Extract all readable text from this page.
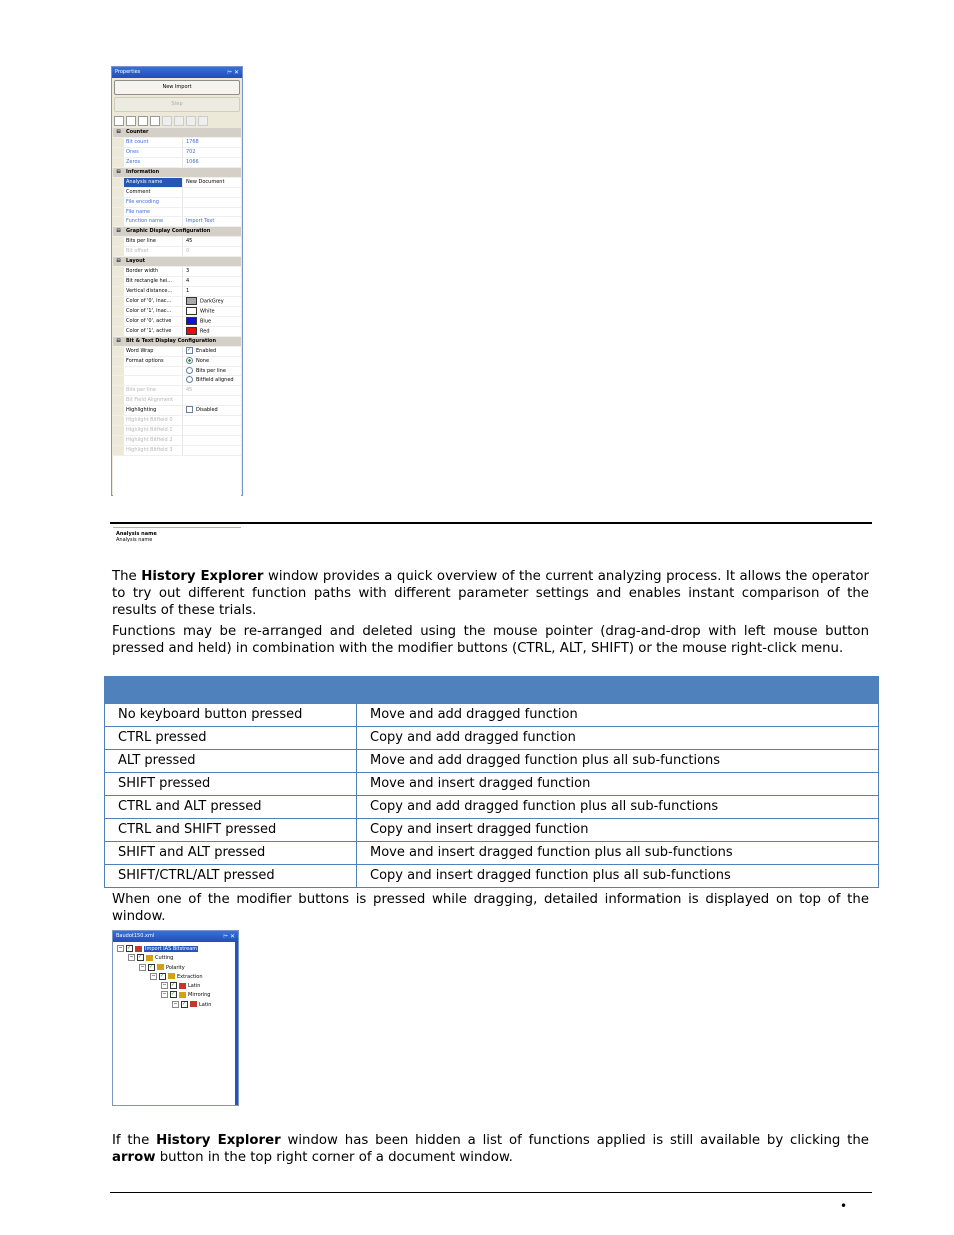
Properties	⌲ ✕
New Import
Step
⊟	Counter
Bit count	1768
Ones	702
Zeros	1066
⊟	Information
Analysis name	New Document
Comment
File encoding
File name
Function name	Import Text
⊟	Graphic Display Configuration
Bits per line	45
Bit offset	0
⊟	Layout
Border width	3
Bit rectangle hei...	4
Vertical distance...	1
Color of '0', inac...	DarkGrey
Color of '1', inac...	White
Color of '0', active	Blue
Color of '1', active	Red
⊟	Bit & Text Display Configuration
Word Wrap	✓ Enabled
Format options	None
Bits per line
Bitfield aligned
Bits per line	45
Bit Field Alignment
Highlighting	Disabled
Highlight Bitfield 0
Highlight Bitfield 1
Highlight Bitfield 2
Highlight Bitfield 3
Analysis name
Analysis name
The History Explorer window provides a quick overview of the current analyzing process. It allows the operator to try out different function paths with different parameter settings and enables instant comparison of the results of these trials.
Functions may be re-arranged and deleted using the mouse pointer (drag-and-drop with left mouse button pressed and held) in combination with the modifier buttons (CTRL, ALT, SHIFT) or the mouse right-click menu.

No keyboard button pressed	Move and add dragged function
CTRL pressed	Copy and add dragged function
ALT pressed	Move and add dragged function plus all sub-functions
SHIFT pressed	Move and insert dragged function
CTRL and ALT pressed	Copy and add dragged function plus all sub-functions
CTRL and SHIFT pressed	Copy and insert dragged function
SHIFT and ALT pressed	Move and insert dragged function plus all sub-functions
SHIFT/CTRL/ALT pressed	Copy and insert dragged function plus all sub-functions
When one of the modifier buttons is pressed while dragging, detailed information is displayed on top of the window.
Baudot150.xml	⌲ ✕
− ✓	Import IAS Bitstream
− ✓	Cutting
− ✓	Polarity
− ✓	Extraction
− ✓	Latin
− ✓	Mirroring
− ✓	Latin
If the History Explorer window has been hidden a list of functions applied is still available by clicking the arrow button in the top right corner of a document window.
•
